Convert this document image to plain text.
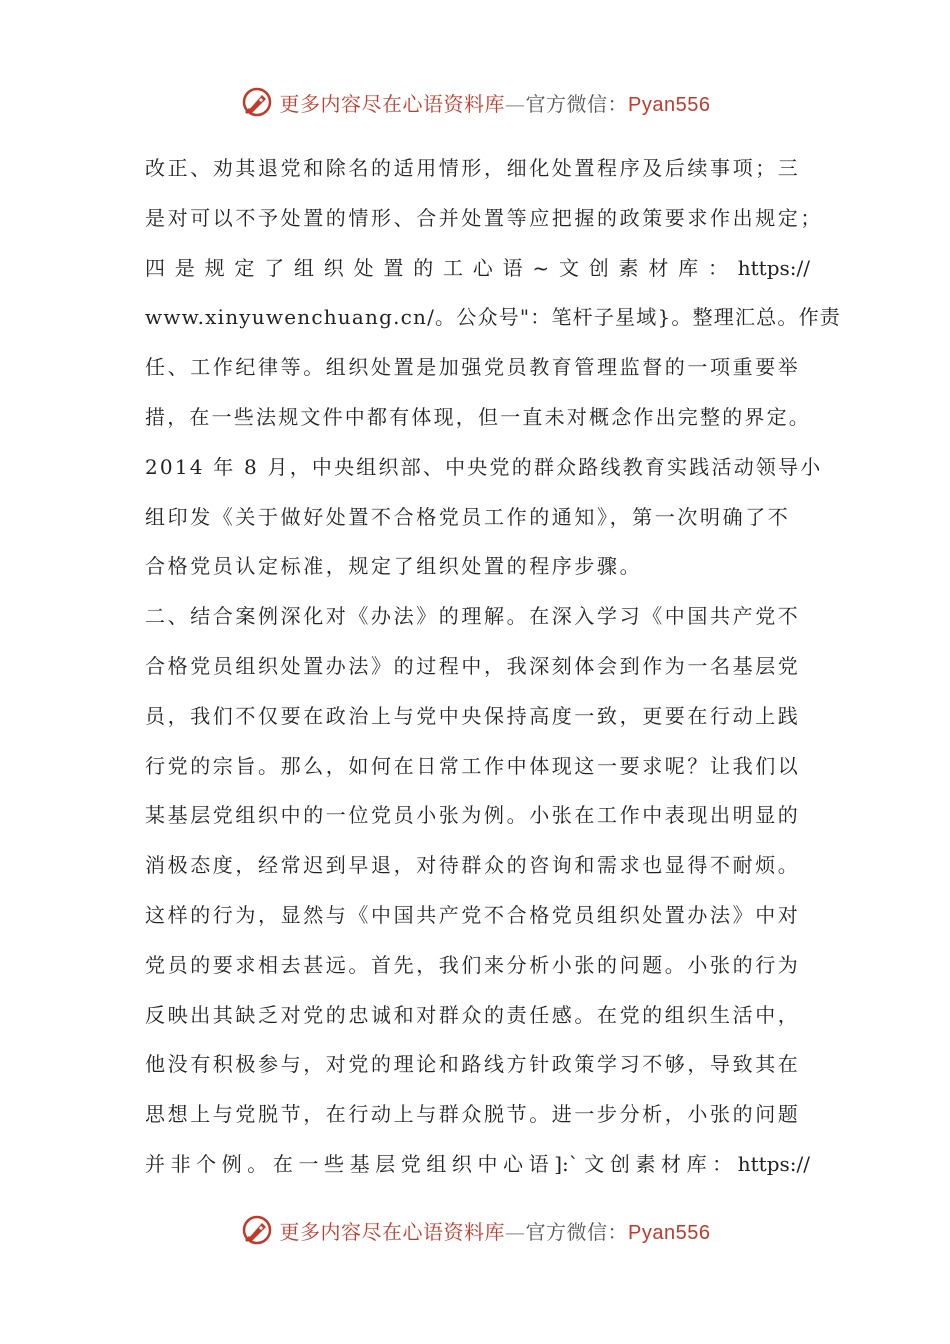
更多内容尽在心语资料库—官方微信：Pyan556
改正、劝其退党和除名的适用情形，细化处置程序及后续事项；三
是对可以不予处置的情形、合并处置等应把握的政策要求作出规定；
四是规定了组织处置的工心语~文创素材库：https://
www.xinyuwenchuang.cn/。公众号"：笔杆子星域}。整理汇总。作责
任、工作纪律等。组织处置是加强党员教育管理监督的一项重要举
措，在一些法规文件中都有体现，但一直未对概念作出完整的界定。
2014 年 8 月，中央组织部、中央党的群众路线教育实践活动领导小
组印发《关于做好处置不合格党员工作的通知》，第一次明确了不
合格党员认定标准，规定了组织处置的程序步骤。
二、结合案例深化对《办法》的理解。在深入学习《中国共产党不
合格党员组织处置办法》的过程中，我深刻体会到作为一名基层党
员，我们不仅要在政治上与党中央保持高度一致，更要在行动上践
行党的宗旨。那么，如何在日常工作中体现这一要求呢？让我们以
某基层党组织中的一位党员小张为例。小张在工作中表现出明显的
消极态度，经常迟到早退，对待群众的咨询和需求也显得不耐烦。
这样的行为，显然与《中国共产党不合格党员组织处置办法》中对
党员的要求相去甚远。首先，我们来分析小张的问题。小张的行为
反映出其缺乏对党的忠诚和对群众的责任感。在党的组织生活中，
他没有积极参与，对党的理论和路线方针政策学习不够，导致其在
思想上与党脱节，在行动上与群众脱节。进一步分析，小张的问题
并非个例。在一些基层党组织中心语]:`文创素材库：https://
更多内容尽在心语资料库—官方微信：Pyan556
